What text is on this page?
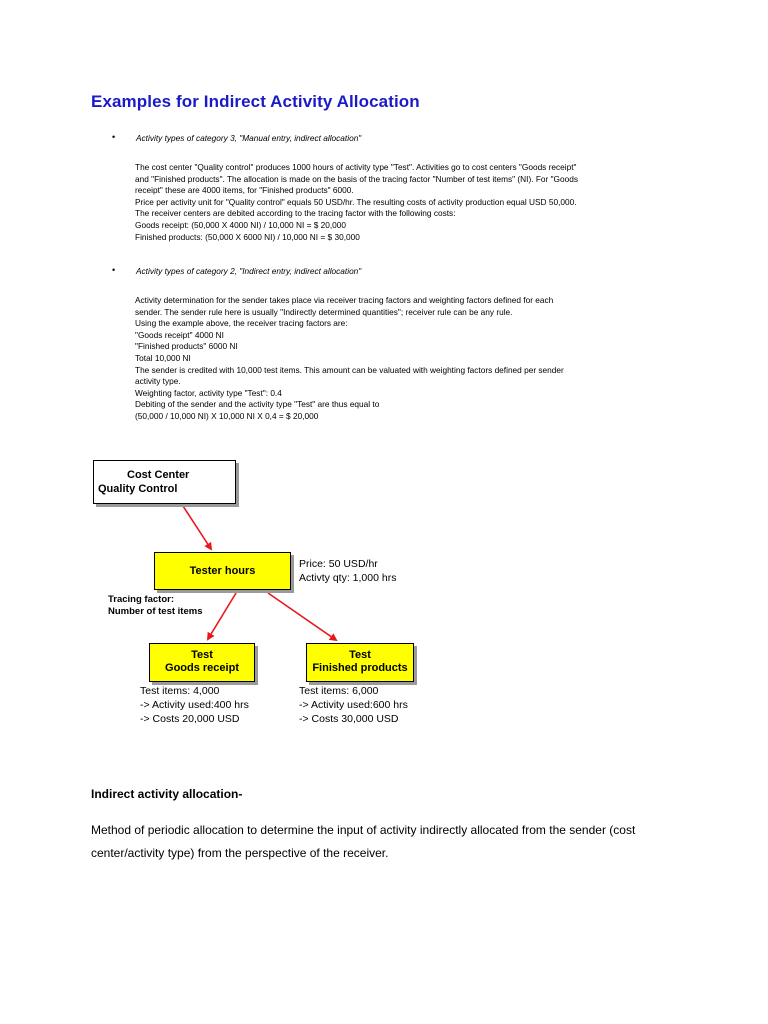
Examples for Indirect Activity Allocation
•	Activity types of category 3, "Manual entry, indirect allocation"
The cost center "Quality control" produces 1000 hours of activity type "Test". Activities go to cost centers "Goods receipt"
and "Finished products". The allocation is made on the basis of the tracing factor "Number of test items" (NI). For "Goods
receipt" these are 4000 items, for "Finished products" 6000.
Price per activity unit for "Quality control" equals 50 USD/hr. The resulting costs of activity production equal USD 50,000.
The receiver centers are debited according to the tracing factor with the following costs:
Goods receipt: (50,000 X 4000 NI) / 10,000 NI = $ 20,000
Finished products: (50,000 X 6000 NI) / 10,000 NI = $ 30,000
•	Activity types of category 2, "Indirect entry, indirect allocation"
Activity determination for the sender takes place via receiver tracing factors and weighting factors defined for each
sender. The sender rule here is usually "Indirectly determined quantities"; receiver rule can be any rule.
Using the example above, the receiver tracing factors are:
"Goods receipt" 4000 NI
"Finished products" 6000 NI
Total 10,000 NI
The sender is credited with 10,000 test items. This amount can be valuated with weighting factors defined per sender
activity type.
Weighting factor, activity type "Test": 0.4
Debiting of the sender and the activity type "Test" are thus equal to
(50,000 / 10,000 NI) X 10,000 NI X 0,4 = $ 20,000
Cost Center
Quality Control
Tester hours
Price: 50 USD/hr
Activty qty: 1,000 hrs
Tracing factor:
Number of test items
Test
Goods receipt
Test
Finished products
Test items: 4,000
-> Activity used:400 hrs
-> Costs 20,000 USD
Test items: 6,000
-> Activity used:600 hrs
-> Costs 30,000 USD
Indirect activity allocation-
Method of periodic allocation to determine the input of activity indirectly allocated from the sender (cost center/activity type) from the perspective of the receiver.
